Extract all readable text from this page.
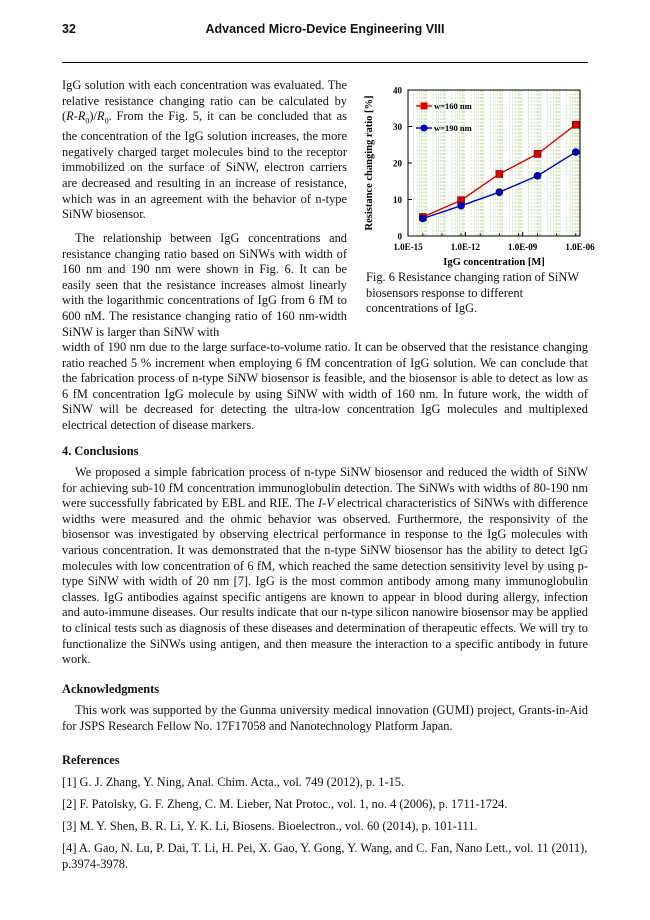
32	Advanced Micro-Device Engineering VIII

IgG solution with each concentration was evaluated. The relative resistance changing ratio can be calculated by $(R-R_0)/R_0$. From the Fig. 5, it can be concluded that as the concentration of the IgG solution increases, the more negatively charged target molecules bind to the receptor immobilized on the surface of SiNW, electron carriers are decreased and resulting in an increase of resistance, which was in an agreement with the behavior of n-type SiNW biosensor.

The relationship between IgG concentrations and resistance changing ratio based on SiNWs with width of 160 nm and 190 nm were shown in Fig. 6. It can be easily seen that the resistance increases almost linearly with the logarithmic concentrations of IgG from 6 fM to 600 nM. The resistance changing ratio of 160 nm-width SiNW is larger than SiNW with

0
10
20
30
40
1.0E-15	1.0E-12	1.0E-09	1.0E-06
w=160 nm
w=190 nm
Resistance changing ratio [%]
IgG concentration [M]
Fig. 6 Resistance changing ration of SiNW biosensors response to different concentrations of IgG.

width of 190 nm due to the large surface-to-volume ratio. It can be observed that the resistance changing ratio reached 5 % increment when employing 6 fM concentration of IgG solution. We can conclude that the fabrication process of n-type SiNW biosensor is feasible, and the biosensor is able to detect as low as 6 fM concentration IgG molecule by using SiNW with width of 160 nm. In future work, the width of SiNW will be decreased for detecting the ultra-low concentration IgG molecules and multiplexed electrical detection of disease markers.

4. Conclusions

We proposed a simple fabrication process of n-type SiNW biosensor and reduced the width of SiNW for achieving sub-10 fM concentration immunoglobulin detection. The SiNWs with widths of 80-190 nm were successfully fabricated by EBL and RIE. The I-V electrical characteristics of SiNWs with difference widths were measured and the ohmic behavior was observed. Furthermore, the responsivity of the biosensor was investigated by observing electrical performance in response to the IgG molecules with various concentration. It was demonstrated that the n-type SiNW biosensor has the ability to detect IgG molecules with low concentration of 6 fM, which reached the same detection sensitivity level by using p-type SiNW with width of 20 nm [7]. IgG is the most common antibody among many immunoglobulin classes. IgG antibodies against specific antigens are known to appear in blood during allergy, infection and auto-immune diseases. Our results indicate that our n-type silicon nanowire biosensor may be applied to clinical tests such as diagnosis of these diseases and determination of therapeutic effects. We will try to functionalize the SiNWs using antigen, and then measure the interaction to a specific antibody in future work.

Acknowledgments

This work was supported by the Gunma university medical innovation (GUMI) project, Grants-in-Aid for JSPS Research Fellow No. 17F17058 and Nanotechnology Platform Japan.

References
[1] G. J. Zhang, Y. Ning, Anal. Chim. Acta., vol. 749 (2012), p. 1-15.
[2] F. Patolsky, G. F. Zheng, C. M. Lieber, Nat Protoc., vol. 1, no. 4 (2006), p. 1711-1724.
[3] M. Y. Shen, B. R. Li, Y. K. Li, Biosens. Bioelectron., vol. 60 (2014), p. 101-111.
[4] A. Gao, N. Lu, P. Dai, T. Li, H. Pei, X. Gao, Y. Gong, Y. Wang, and C. Fan, Nano Lett., vol. 11 (2011), p.3974-3978.
